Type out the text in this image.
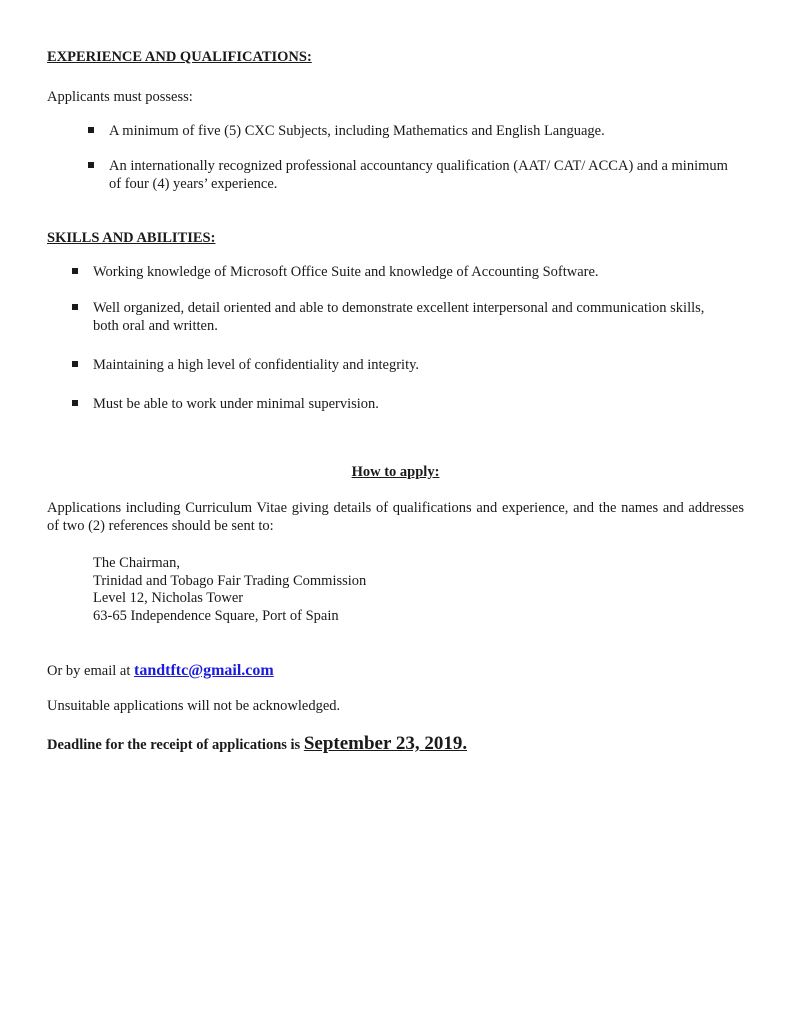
EXPERIENCE AND QUALIFICATIONS:
Applicants must possess:
A minimum of five (5) CXC Subjects, including Mathematics and English Language.
An internationally recognized professional accountancy qualification (AAT/ CAT/ ACCA) and a minimum of four (4) years’ experience.
SKILLS AND ABILITIES:
Working knowledge of Microsoft Office Suite and knowledge of Accounting Software.
Well organized, detail oriented and able to demonstrate excellent interpersonal and communication skills, both oral and written.
Maintaining a high level of confidentiality and integrity.
Must be able to work under minimal supervision.
How to apply:
Applications including Curriculum Vitae giving details of qualifications and experience, and the names and addresses of two (2) references should be sent to:
The Chairman,
Trinidad and Tobago Fair Trading Commission
Level 12, Nicholas Tower
63-65 Independence Square, Port of Spain
Or by email at tandtftc@gmail.com
Unsuitable applications will not be acknowledged.
Deadline for the receipt of applications is September 23, 2019.
